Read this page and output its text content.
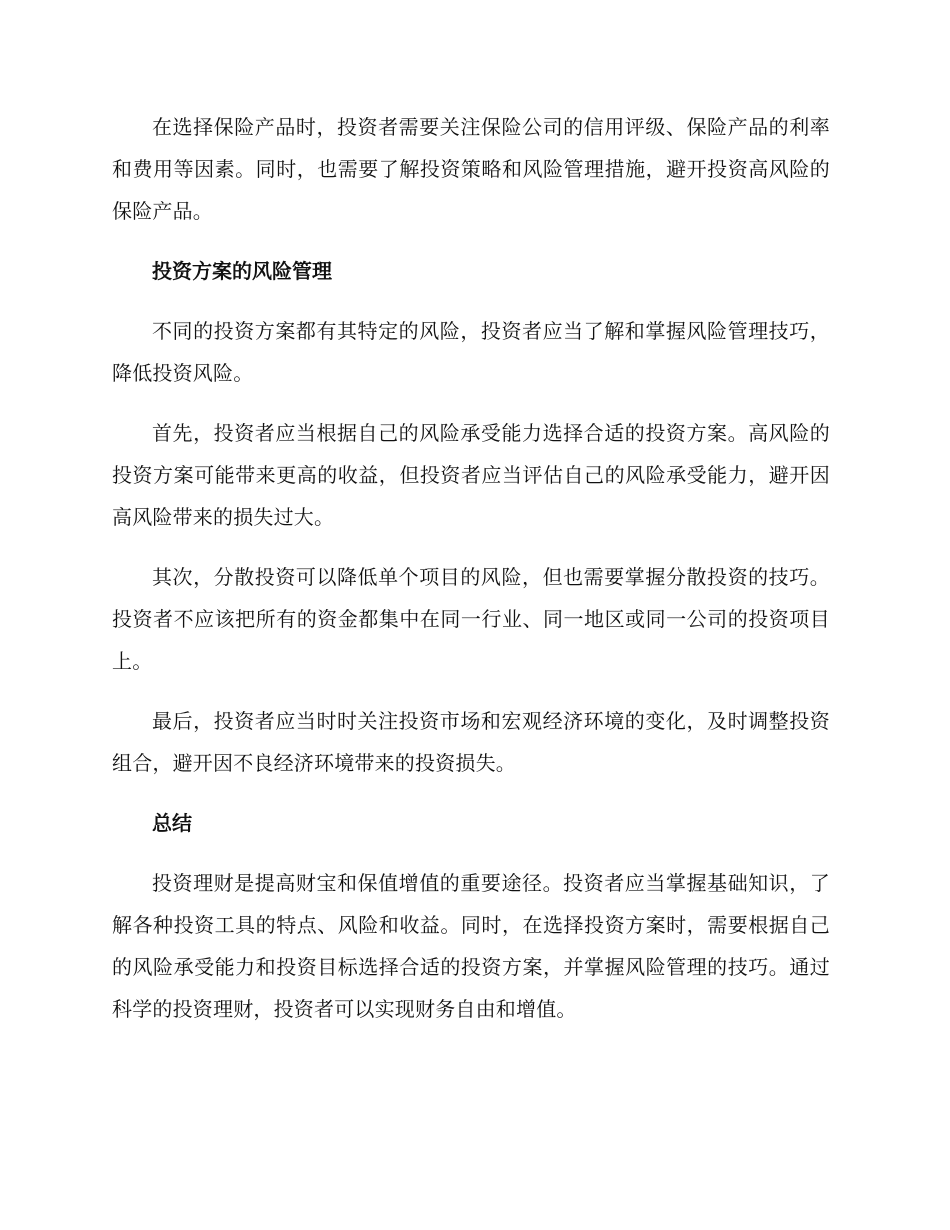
在选择保险产品时，投资者需要关注保险公司的信用评级、保险产品的利率和费用等因素。同时，也需要了解投资策略和风险管理措施，避开投资高风险的保险产品。

投资方案的风险管理

不同的投资方案都有其特定的风险，投资者应当了解和掌握风险管理技巧，降低投资风险。

首先，投资者应当根据自己的风险承受能力选择合适的投资方案。高风险的投资方案可能带来更高的收益，但投资者应当评估自己的风险承受能力，避开因高风险带来的损失过大。

其次，分散投资可以降低单个项目的风险，但也需要掌握分散投资的技巧。投资者不应该把所有的资金都集中在同一行业、同一地区或同一公司的投资项目上。

最后，投资者应当时时关注投资市场和宏观经济环境的变化，及时调整投资组合，避开因不良经济环境带来的投资损失。

总结

投资理财是提高财宝和保值增值的重要途径。投资者应当掌握基础知识，了解各种投资工具的特点、风险和收益。同时，在选择投资方案时，需要根据自己的风险承受能力和投资目标选择合适的投资方案，并掌握风险管理的技巧。通过科学的投资理财，投资者可以实现财务自由和增值。
